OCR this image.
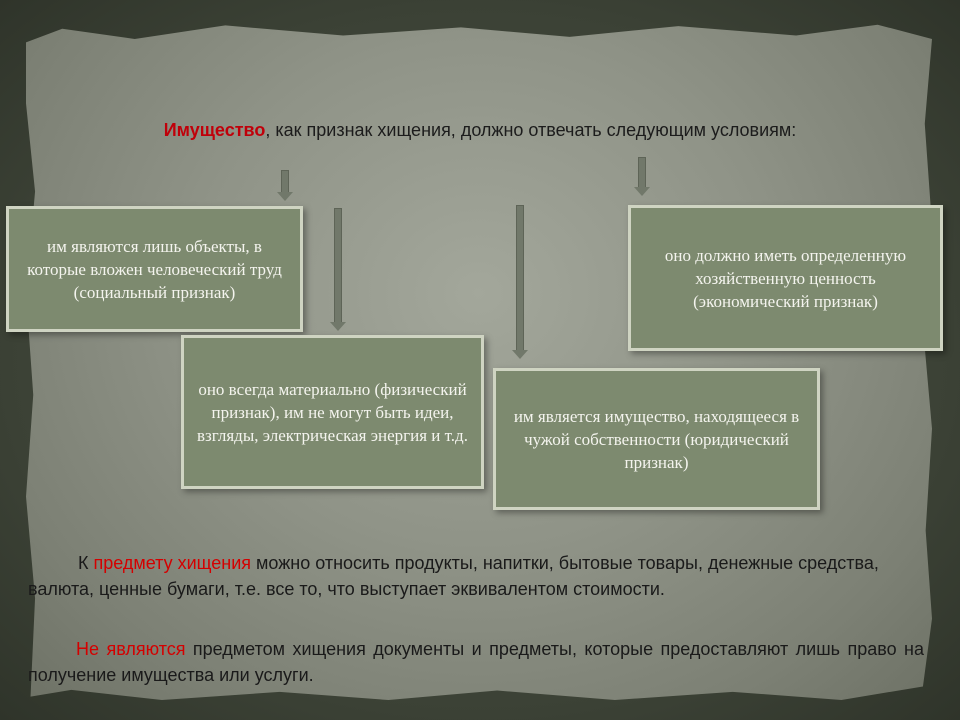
Имущество, как признак хищения, должно отвечать следующим условиям:
им являются лишь объекты, в которые вложен человеческий труд (социальный признак)
оно всегда материально (физический признак), им не могут быть идеи, взгляды, электрическая энергия и т.д.
им является имущество, находящееся в чужой собственности (юридический признак)
оно должно иметь определенную хозяйственную ценность (экономический признак)
К предмету хищения можно относить продукты, напитки, бытовые товары, денежные средства, валюта, ценные бумаги, т.е. все то, что выступает эквивалентом стоимости.
Не являются предметом хищения документы и предметы, которые предоставляют лишь право на получение имущества или услуги.
